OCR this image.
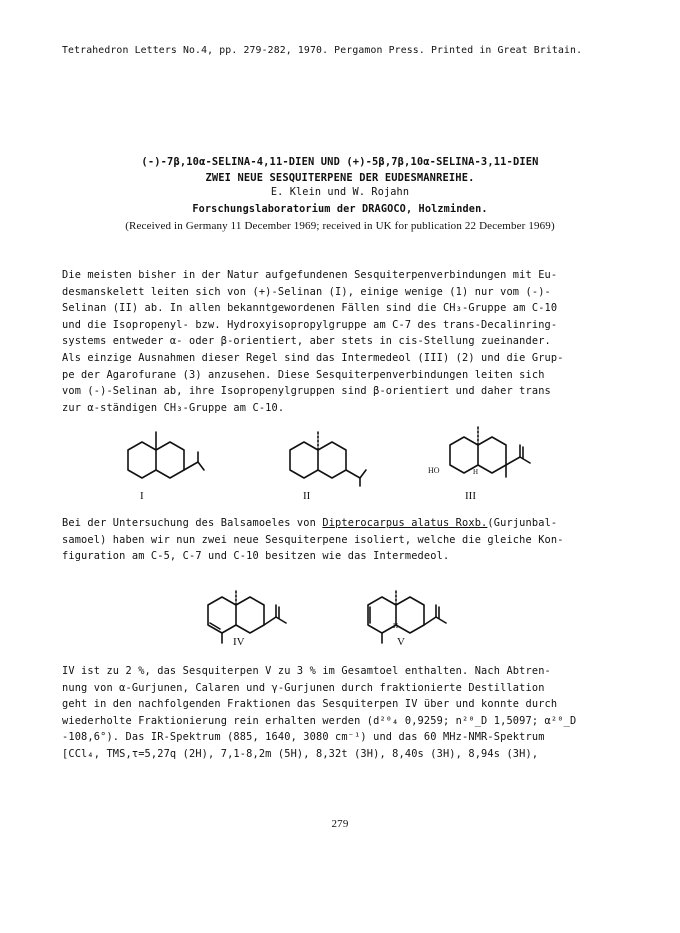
Tetrahedron Letters No.4, pp. 279-282, 1970. Pergamon Press. Printed in Great Britain.
(-)-7β,10α-SELINA-4,11-DIEN UND (+)-5β,7β,10α-SELINA-3,11-DIEN
ZWEI NEUE SESQUITERPENE DER EUDESMANREIHE.
E. Klein und W. Rojahn
Forschungslaboratorium der DRAGOCO, Holzminden.
(Received in Germany 11 December 1969; received in UK for publication 22 December 1969)
Die meisten bisher in der Natur aufgefundenen Sesquiterpenverbindungen mit Eu-
desmanskelett leiten sich von (+)-Selinan (I), einige wenige (1) nur vom (-)-
Selinan (II) ab. In allen bekanntgewordenen Fällen sind die CH₃-Gruppe am C-10
und die Isopropenyl- bzw. Hydroxyisopropylgruppe am C-7 des trans-Decalinring-
systems entweder α- oder β-orientiert, aber stets in cis-Stellung zueinander.
Als einzige Ausnahmen dieser Regel sind das Intermedeol (III) (2) und die Grup-
pe der Agarofurane (3) anzusehen. Diese Sesquiterpenverbindungen leiten sich
vom (-)-Selinan ab, ihre Isopropenylgruppen sind β-orientiert und daher trans
zur α-ständigen CH₃-Gruppe am C-10.
I	II
HO	H
III
Bei der Untersuchung des Balsamoeles von Dipterocarpus alatus Roxb.(Gurjunbal-
samoel) haben wir nun zwei neue Sesquiterpene isoliert, welche die gleiche Kon-
figuration am C-5, C-7 und C-10 besitzen wie das Intermedeol.
IV
H
V
IV ist zu 2 %, das Sesquiterpen V zu 3 % im Gesamtoel enthalten. Nach Abtren-
nung von α-Gurjunen, Calaren und γ-Gurjunen durch fraktionierte Destillation
geht in den nachfolgenden Fraktionen das Sesquiterpen IV über und konnte durch
wiederholte Fraktionierung rein erhalten werden (d²⁰₄ 0,9259; n²⁰_D 1,5097; α²⁰_D
-108,6°). Das IR-Spektrum (885, 1640, 3080 cm⁻¹) und das 60 MHz-NMR-Spektrum
[CCl₄, TMS,τ=5,27q (2H), 7,1-8,2m (5H), 8,32t (3H), 8,40s (3H), 8,94s (3H),
279
